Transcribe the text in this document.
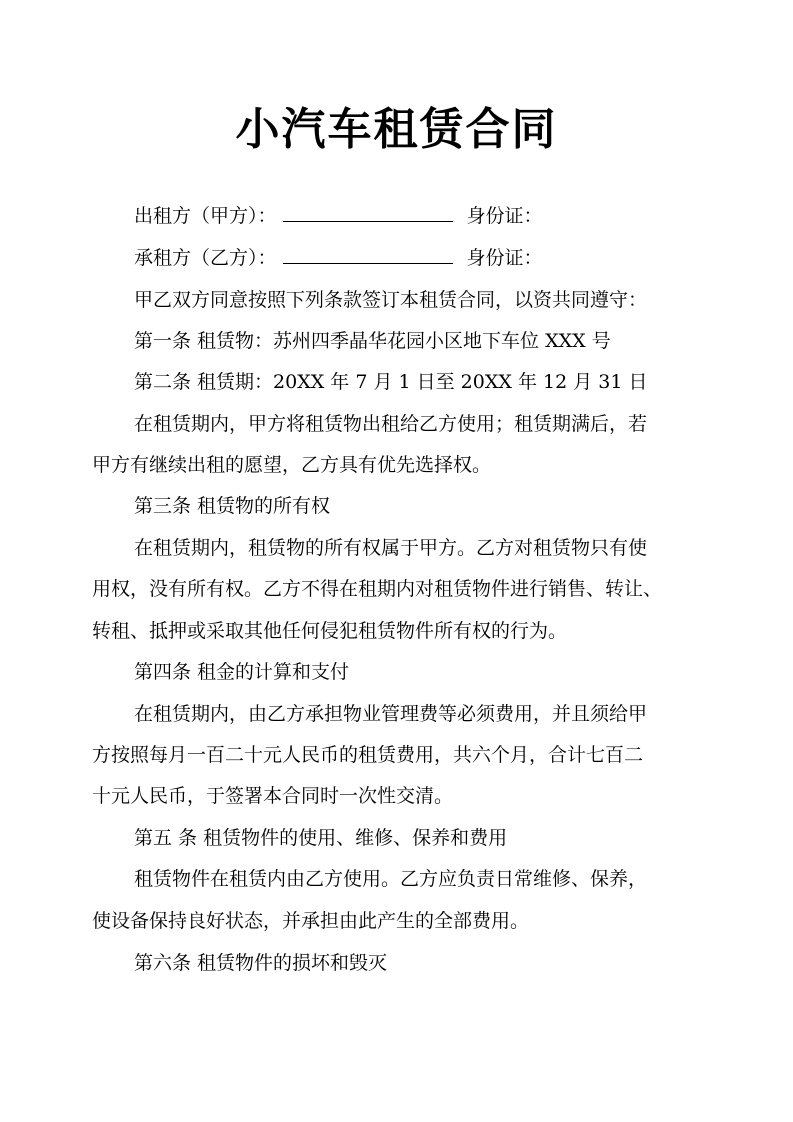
小汽车租赁合同
出租方（甲方）：	身份证：
承租方（乙方）：	身份证：
甲乙双方同意按照下列条款签订本租赁合同，以资共同遵守：
第一条 租赁物：苏州四季晶华花园小区地下车位 XXX 号
第二条 租赁期：20XX 年 7 月 1 日至 20XX 年 12 月 31 日
在租赁期内，甲方将租赁物出租给乙方使用；租赁期满后，若
甲方有继续出租的愿望，乙方具有优先选择权。
第三条 租赁物的所有权
在租赁期内，租赁物的所有权属于甲方。乙方对租赁物只有使
用权，没有所有权。乙方不得在租期内对租赁物件进行销售、转让、
转租、抵押或采取其他任何侵犯租赁物件所有权的行为。
第四条 租金的计算和支付
在租赁期内，由乙方承担物业管理费等必须费用，并且须给甲
方按照每月一百二十元人民币的租赁费用，共六个月，合计七百二
十元人民币，于签署本合同时一次性交清。
第五 条 租赁物件的使用、维修、保养和费用
租赁物件在租赁内由乙方使用。乙方应负责日常维修、保养，
使设备保持良好状态，并承担由此产生的全部费用。
第六条 租赁物件的损坏和毁灭
